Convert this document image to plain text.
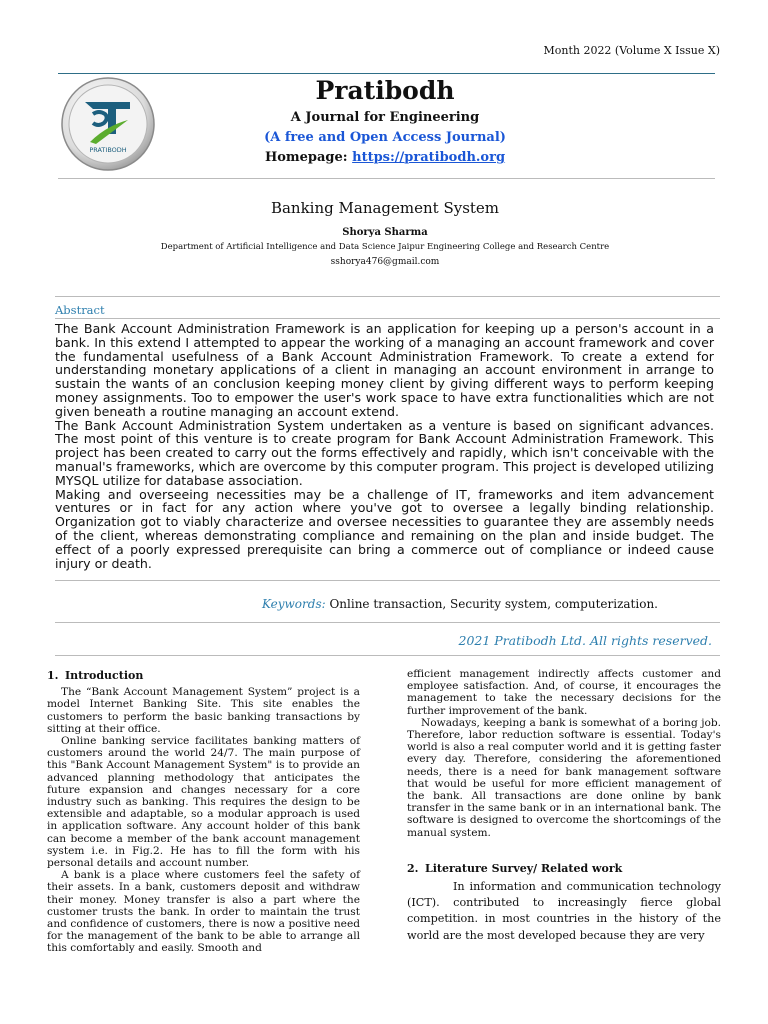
Month 2022 (Volume X Issue X)
PRATIBODH
Pratibodh
A Journal for Engineering
(A free and Open Access Journal)
Homepage: https://pratibodh.org
Banking Management System
Shorya Sharma
Department of Artificial Intelligence and Data Science Jaipur Engineering College and Research Centre
sshorya476@gmail.com
Abstract

The Bank Account Administration Framework is an application for keeping up a person's account in a bank. In this extend I attempted to appear the working of a managing an account framework and cover the fundamental usefulness of a Bank Account Administration Framework. To create a extend for understanding monetary applications of a client in managing an account environment in arrange to sustain the wants of an conclusion keeping money client by giving different ways to perform keeping money assignments. Too to empower the user's work space to have extra functionalities which are not given beneath a routine managing an account extend.

The Bank Account Administration System undertaken as a venture is based on significant advances. The most point of this venture is to create program for Bank Account Administration Framework. This project has been created to carry out the forms effectively and rapidly, which isn't conceivable with the manual's frameworks, which are overcome by this computer program. This project is developed utilizing MYSQL utilize for database association.

Making and overseeing necessities may be a challenge of IT, frameworks and item advancement ventures or in fact for any action where you've got to oversee a legally binding relationship. Organization got to viably characterize and oversee necessities to guarantee they are assembly needs of the client, whereas demonstrating compliance and remaining on the plan and inside budget. The effect of a poorly expressed prerequisite can bring a commerce out of compliance or indeed cause injury or death.

Keywords: Online transaction, Security system, computerization.
2021 Pratibodh Ltd. All rights reserved.
1. Introduction

The “Bank Account Management System” project is a model Internet Banking Site. This site enables the customers to perform the basic banking transactions by sitting at their office.

Online banking service facilitates banking matters of customers around the world 24/7. The main purpose of this "Bank Account Management System" is to provide an advanced planning methodology that anticipates the future expansion and changes necessary for a core industry such as banking. This requires the design to be extensible and adaptable, so a modular approach is used in application software. Any account holder of this bank can become a member of the bank account management system i.e. in Fig.2. He has to fill the form with his personal details and account number.

A bank is a place where customers feel the safety of their assets. In a bank, customers deposit and withdraw their money. Money transfer is also a part where the customer trusts the bank. In order to maintain the trust and confidence of customers, there is now a positive need for the management of the bank to be able to arrange all this comfortably and easily. Smooth and

efficient management indirectly affects customer and employee satisfaction. And, of course, it encourages the management to take the necessary decisions for the further improvement of the bank.

Nowadays, keeping a bank is somewhat of a boring job. Therefore, labor reduction software is essential. Today's world is also a real computer world and it is getting faster every day. Therefore, considering the aforementioned needs, there is a need for bank management software that would be useful for more efficient management of the bank. All transactions are done online by bank transfer in the same bank or in an international bank. The software is designed to overcome the shortcomings of the manual system.

2. Literature Survey/ Related work

In information and communication technology (ICT). contributed to increasingly fierce global competition. in most countries in the history of the world are the most developed because they are very
